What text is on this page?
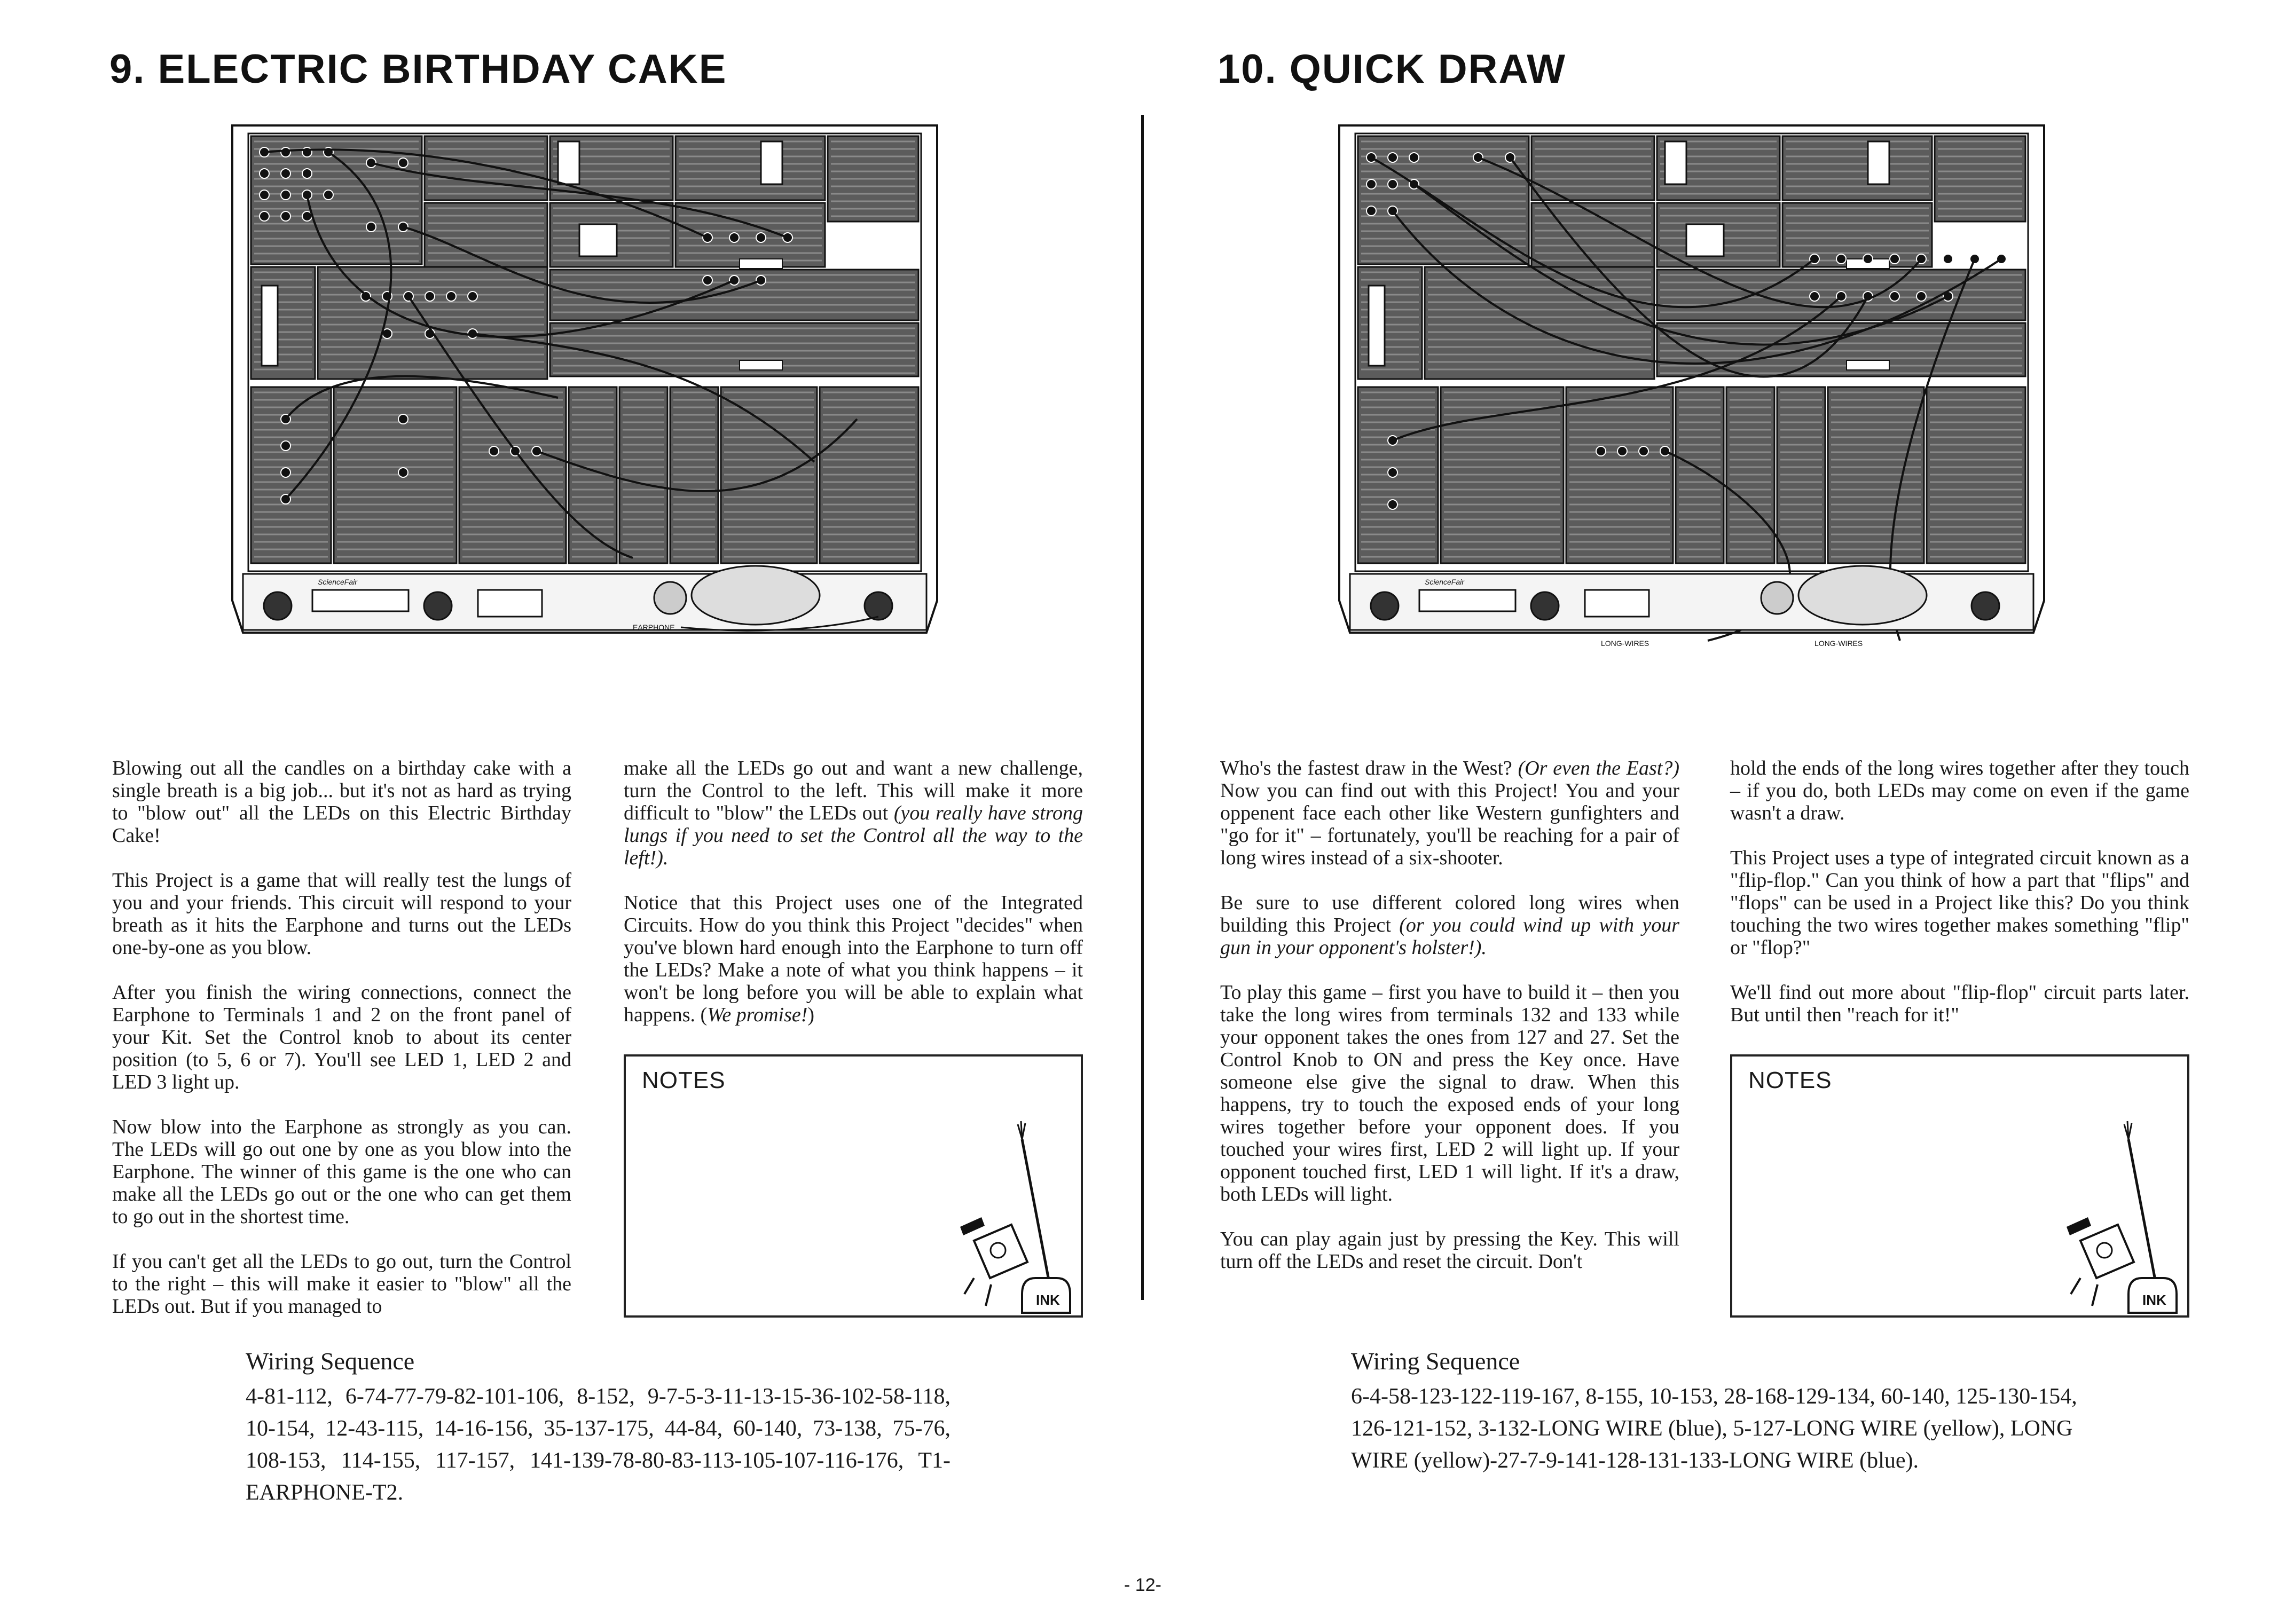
9. ELECTRIC BIRTHDAY CAKE
ScienceFair
EARPHONE

Blowing out all the candles on a birthday cake with a single breath is a big job... but it's not as hard as trying to "blow out" all the LEDs on this Electric Birthday Cake!

This Project is a game that will really test the lungs of you and your friends. This circuit will respond to your breath as it hits the Earphone and turns out the LEDs one-by-one as you blow.

After you finish the wiring connections, connect the Earphone to Terminals 1 and 2 on the front panel of your Kit. Set the Control knob to about its center position (to 5, 6 or 7). You'll see LED 1, LED 2 and LED 3 light up.

Now blow into the Earphone as strongly as you can. The LEDs will go out one by one as you blow into the Earphone. The winner of this game is the one who can make all the LEDs go out or the one who can get them to go out in the shortest time.

If you can't get all the LEDs to go out, turn the Control to the right – this will make it easier to "blow" all the LEDs out. But if you managed to

make all the LEDs go out and want a new challenge, turn the Control to the left. This will make it more difficult to "blow" the LEDs out (you really have strong lungs if you need to set the Control all the way to the left!).

Notice that this Project uses one of the Integrated Circuits. How do you think this Project "decides" when you've blown hard enough into the Earphone to turn off the LEDs? Make a note of what you think happens – it won't be long before you will be able to explain what happens. (We promise!)

NOTES
INK
Wiring Sequence
4-81-112, 6-74-77-79-82-101-106, 8-152, 9-7-5-3-11-13-15-36-102-58-118, 10-154, 12-43-115, 14-16-156, 35-137-175, 44-84, 60-140, 73-138, 75-76, 108-153, 114-155, 117-157, 141-139-78-80-83-113-105-107-116-176, T1-EARPHONE-T2.
10. QUICK DRAW
ScienceFair
LONG-WIRES	LONG-WIRES

Who's the fastest draw in the West? (Or even the East?) Now you can find out with this Project! You and your oppenent face each other like Western gunfighters and "go for it" – fortunately, you'll be reaching for a pair of long wires instead of a six-shooter.

Be sure to use different colored long wires when building this Project (or you could wind up with your gun in your opponent's holster!).

To play this game – first you have to build it – then you take the long wires from terminals 132 and 133 while your opponent takes the ones from 127 and 27. Set the Control Knob to ON and press the Key once. Have someone else give the signal to draw. When this happens, try to touch the exposed ends of your long wires together before your opponent does. If you touched your wires first, LED 2 will light up. If your opponent touched first, LED 1 will light. If it's a draw, both LEDs will light.

You can play again just by pressing the Key. This will turn off the LEDs and reset the circuit. Don't

hold the ends of the long wires together after they touch – if you do, both LEDs may come on even if the game wasn't a draw.

This Project uses a type of integrated circuit known as a "flip-flop." Can you think of how a part that "flips" and "flops" can be used in a Project like this? Do you think touching the two wires together makes something "flip" or "flop?"

We'll find out more about "flip-flop" circuit parts later. But until then "reach for it!"

NOTES
INK
Wiring Sequence
6-4-58-123-122-119-167, 8-155, 10-153, 28-168-129-134, 60-140, 125-130-154, 126-121-152, 3-132-LONG WIRE (blue), 5-127-LONG WIRE (yellow), LONG WIRE (yellow)-27-7-9-141-128-131-133-LONG WIRE (blue).
- 12-
